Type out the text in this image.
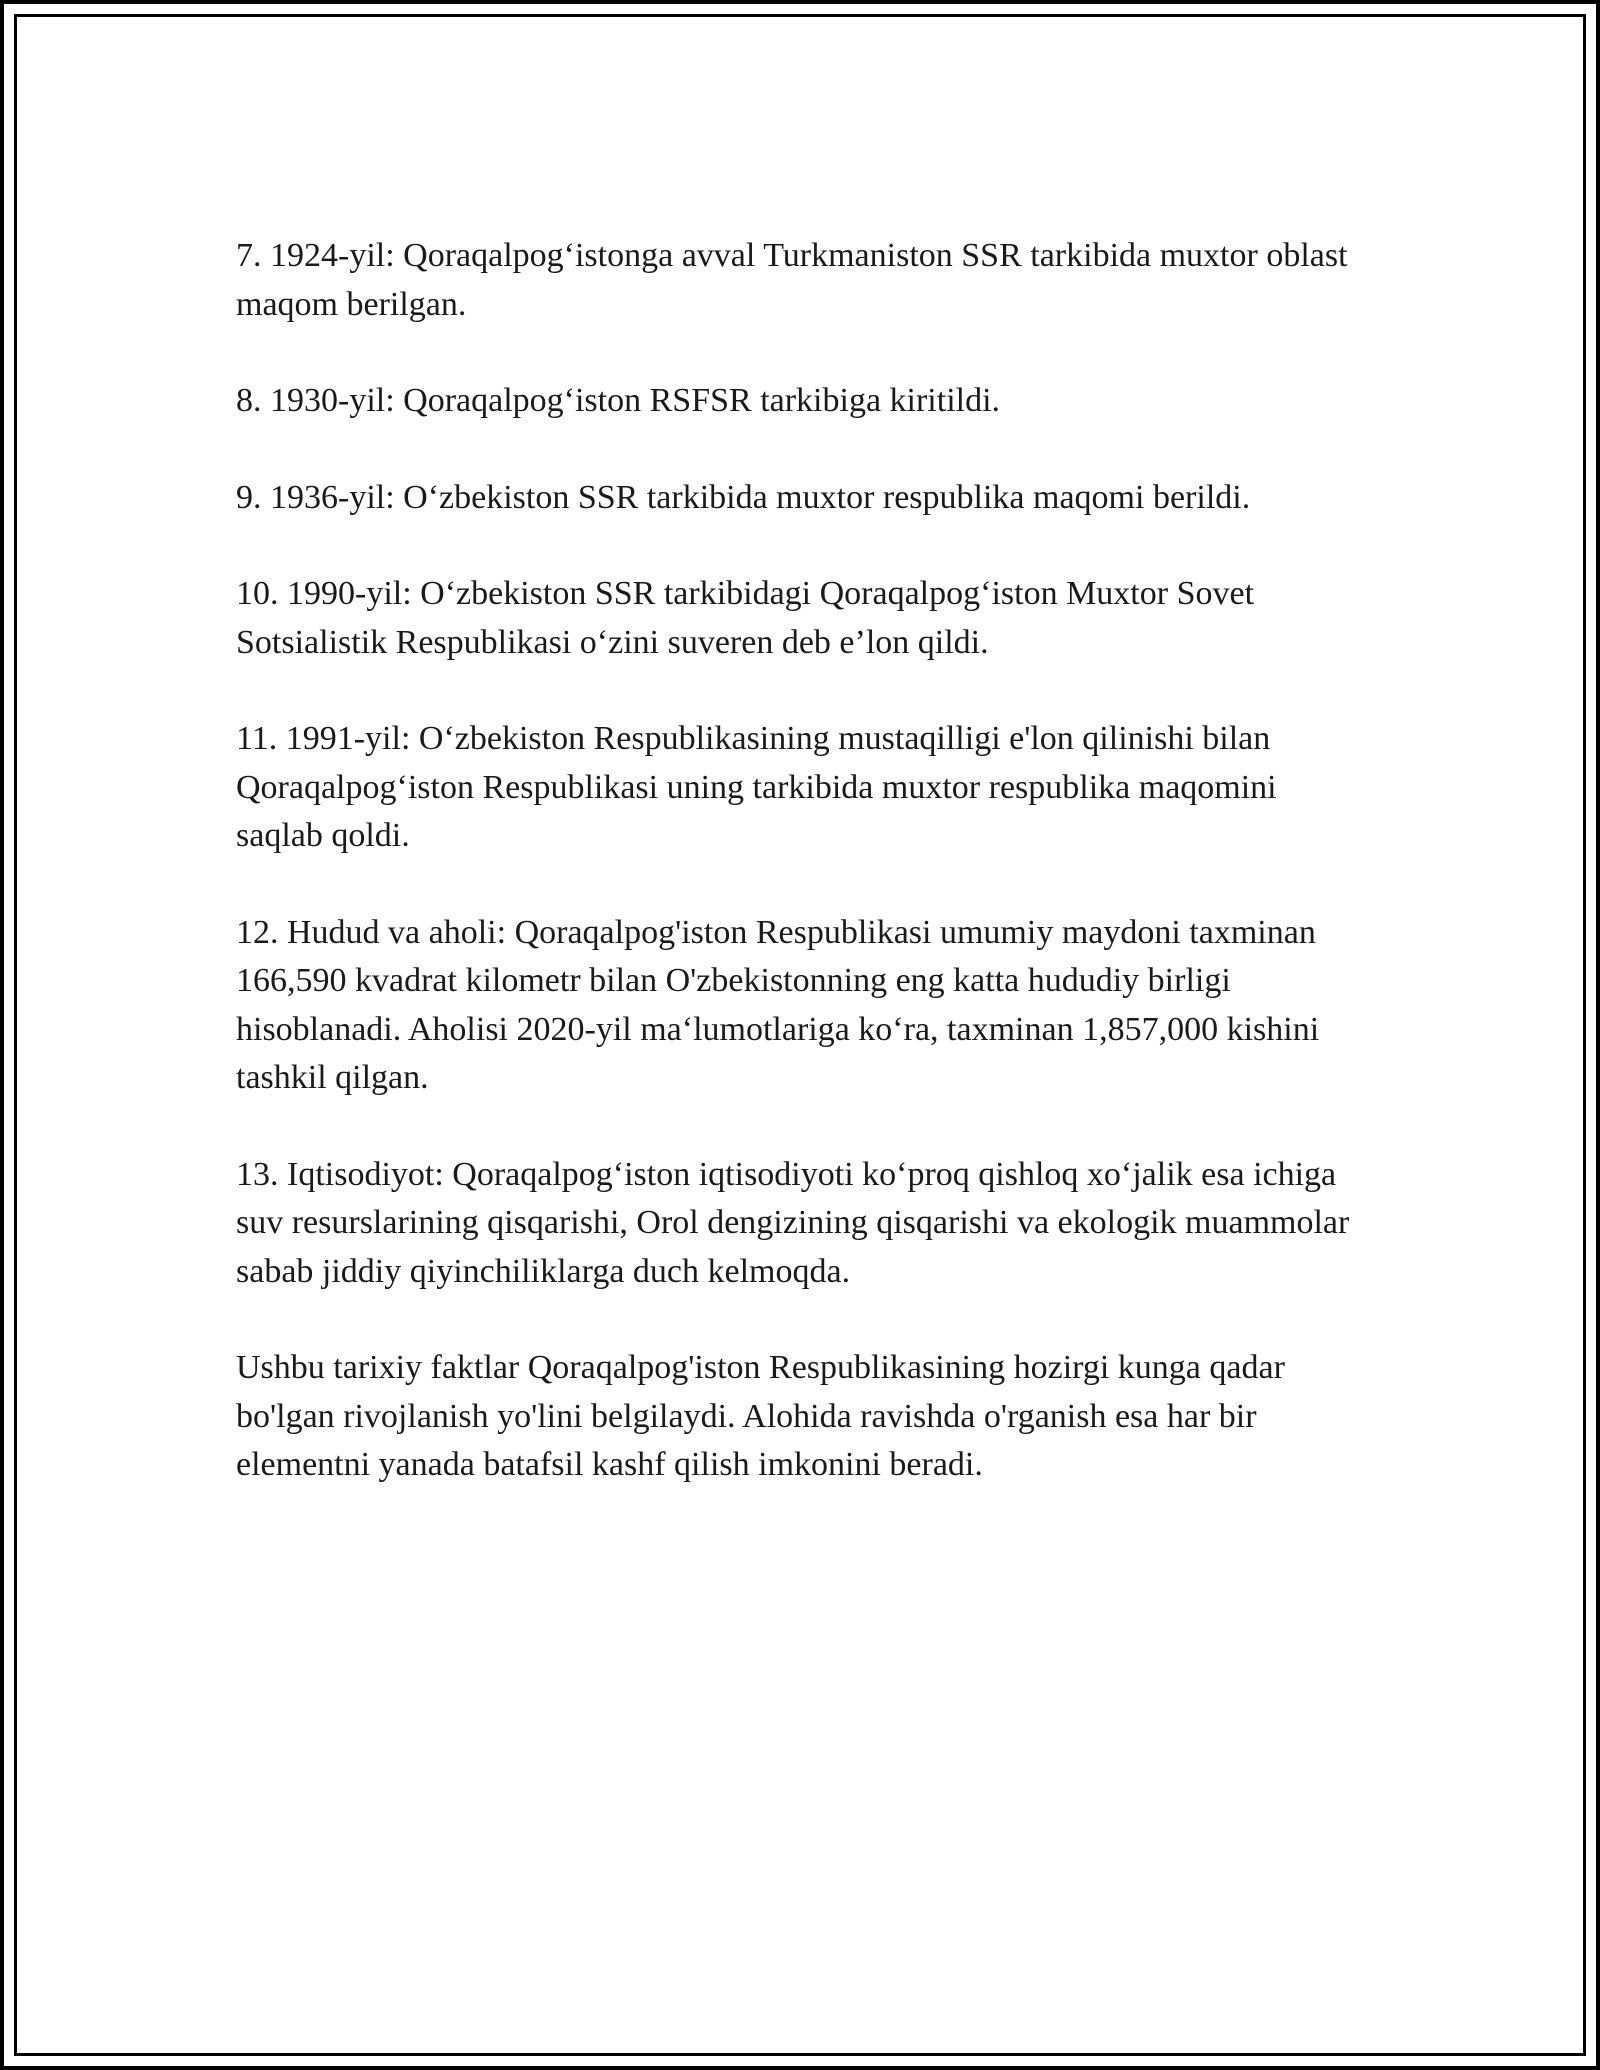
7. 1924-yil: Qoraqalpog‘istonga avval Turkmaniston SSR tarkibida muxtor oblast maqom berilgan.

8. 1930-yil: Qoraqalpog‘iston RSFSR tarkibiga kiritildi.

9. 1936-yil: O‘zbekiston SSR tarkibida muxtor respublika maqomi berildi.

10. 1990-yil: O‘zbekiston SSR tarkibidagi Qoraqalpog‘iston Muxtor Sovet Sotsialistik Respublikasi o‘zini suveren deb e’lon qildi.

11. 1991-yil: O‘zbekiston Respublikasining mustaqilligi e'lon qilinishi bilan Qoraqalpog‘iston Respublikasi uning tarkibida muxtor respublika maqomini saqlab qoldi.

12. Hudud va aholi: Qoraqalpog'iston Respublikasi umumiy maydoni taxminan 166,590 kvadrat kilometr bilan O'zbekistonning eng katta hududiy birligi hisoblanadi. Aholisi 2020-yil ma‘lumotlariga ko‘ra, taxminan 1,857,000 kishini tashkil qilgan.

13. Iqtisodiyot: Qoraqalpog‘iston iqtisodiyoti ko‘proq qishloq xo‘jalik esa ichiga suv resurslarining qisqarishi, Orol dengizining qisqarishi va ekologik muammolar sabab jiddiy qiyinchiliklarga duch kelmoqda.

Ushbu tarixiy faktlar Qoraqalpog'iston Respublikasining hozirgi kunga qadar bo'lgan rivojlanish yo'lini belgilaydi. Alohida ravishda o'rganish esa har bir elementni yanada batafsil kashf qilish imkonini beradi.
